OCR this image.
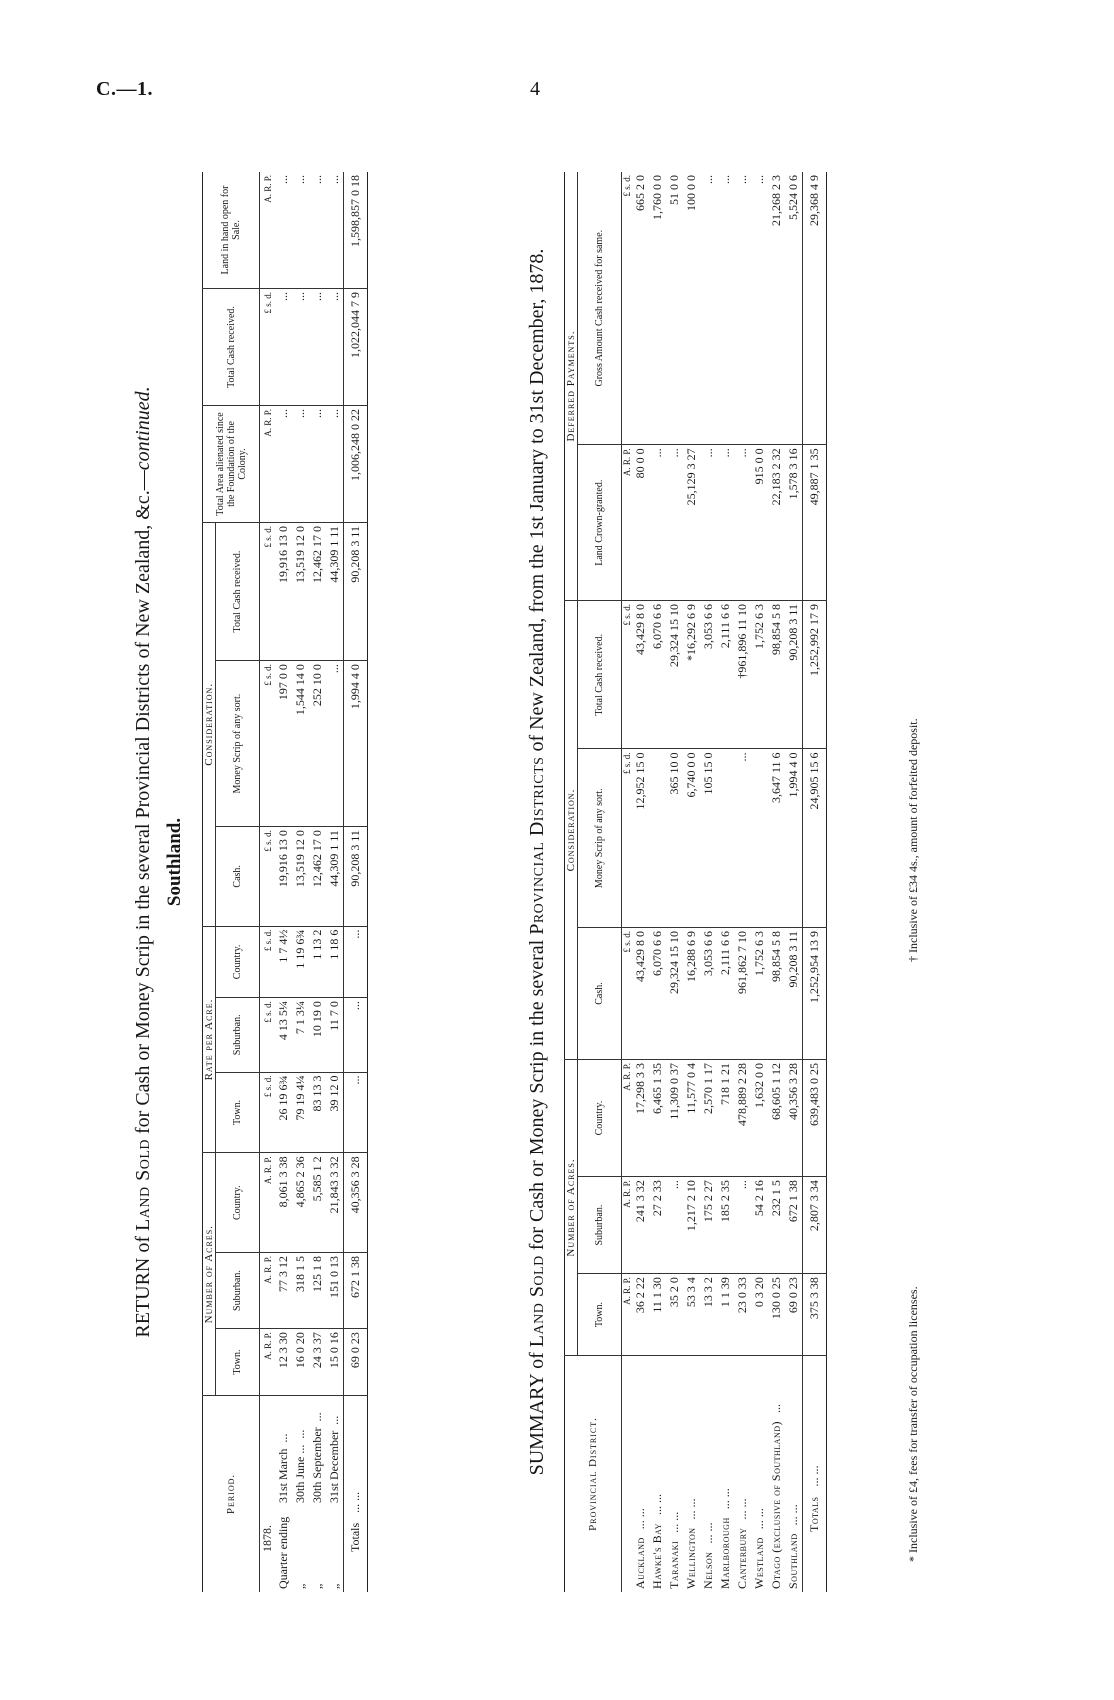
C.—1.	4
RETURN of Land Sold for Cash or Money Scrip in the several Provincial Districts of New Zealand, &c.—continued.
Southland.
Period.	Number of Acres.			Rate per Acre.			Consideration.			Total Area alienated since the Foundation of the Colony.	Total Cash received.	Land in hand open for Sale.
	Town.	Suburban.	Country.	Town.	Suburban.	Country.	Cash.	Money Scrip of any sort.	Total Cash received.			
1878.	A. R. P.	A. R. P.	A. R. P.	£ s. d.	£ s. d.	£ s. d.	£ s. d.	£ s. d.	£ s. d.	A. R. P.	£ s. d.	A. R. P.
Quarter ending31st March...	12 3 30	77 3 12	8,061 3 38	26 19 6¾	4 13 5¼	1 7 4½	19,916 13 0	197 0 0	19,916 13 0	...	...	...
„30th June ......	16 0 20	318 1 5	4,865 2 36	79 19 4¼	7 1 3¼	1 19 6¾	13,519 12 0	1,544 14 0	13,519 12 0	...	...	...
„30th September...	24 3 37	125 1 8	5,585 1 2	83 13 3	10 19 0	1 13 2	12,462 17 0	252 10 0	12,462 17 0	...	...	...
„31st December...	15 0 16	151 0 13	21,843 3 32	39 12 0	11 7 0	1 18 6	44,309 1 11	...	44,309 1 11	...	...	...
Totals... ...	69 0 23	672 1 38	40,356 3 28	...	...	...	90,208 3 11	1,994 4 0	90,208 3 11	1,006,248 0 22	1,022,044 7 9	1,598,857 0 18
SUMMARY of Land Sold for Cash or Money Scrip in the several Provincial Districts of New Zealand, from the 1st January to 31st December, 1878.
Provincial District.	Number of Acres.			Consideration.			Deferred Payments.	
	Town.	Suburban.	Country.	Cash.	Money Scrip of any sort.	Total Cash received.	Land Crown-granted.	Gross Amount Cash received for same.
	A. R. P.	A. R. P.	A. R. P.	£ s. d.	£ s. d.	£ s. d.	A. R. P.	£ s. d.
Auckland... ...	36 2 22	241 3 32	17,298 3 3	43,429 8 0	12,952 15 0	43,429 8 0	80 0 0	665 2 0
Hawke's Bay... ...	11 1 30	27 2 33	6,465 1 35	6,070 6 6		6,070 6 6	...	1,760 0 0
Taranaki... ...	35 2 0	...	11,309 0 37	29,324 15 10	365 10 0	29,324 15 10	...	51 0 0
Wellington... ...	53 3 4	1,217 2 10	11,577 0 4	16,288 6 9	6,740 0 0	*16,292 6 9	25,129 3 27	100 0 0
Nelson... ...	13 3 2	175 2 27	2,570 1 17	3,053 6 6	105 15 0	3,053 6 6	...	...
Marlborough... ...	1 1 39	185 2 35	718 1 21	2,111 6 6		2,111 6 6	...	...
Canterbury... ...	23 0 33	...	478,889 2 28	961,862 7 10	...	†961,896 11 10	...	...
Westland... ...	0 3 20	54 2 16	1,632 0 0	1,752 6 3		1,752 6 3	915 0 0	...
Otago (exclusive of Southland)...	130 0 25	232 1 5	68,605 1 12	98,854 5 8	3,647 11 6	98,854 5 8	22,183 2 32	21,268 2 3
Southland... ...	69 0 23	672 1 38	40,356 3 28	90,208 3 11	1,994 4 0	90,208 3 11	1,578 3 16	5,524 0 6
Totals... ...	375 3 38	2,807 3 34	639,483 0 25	1,252,954 13 9	24,905 15 6	1,252,992 17 9	49,887 1 35	29,368 4 9
* Inclusive of £4, fees for transfer of occupation licenses.
† Inclusive of £34 4s., amount of forfeited deposit.
